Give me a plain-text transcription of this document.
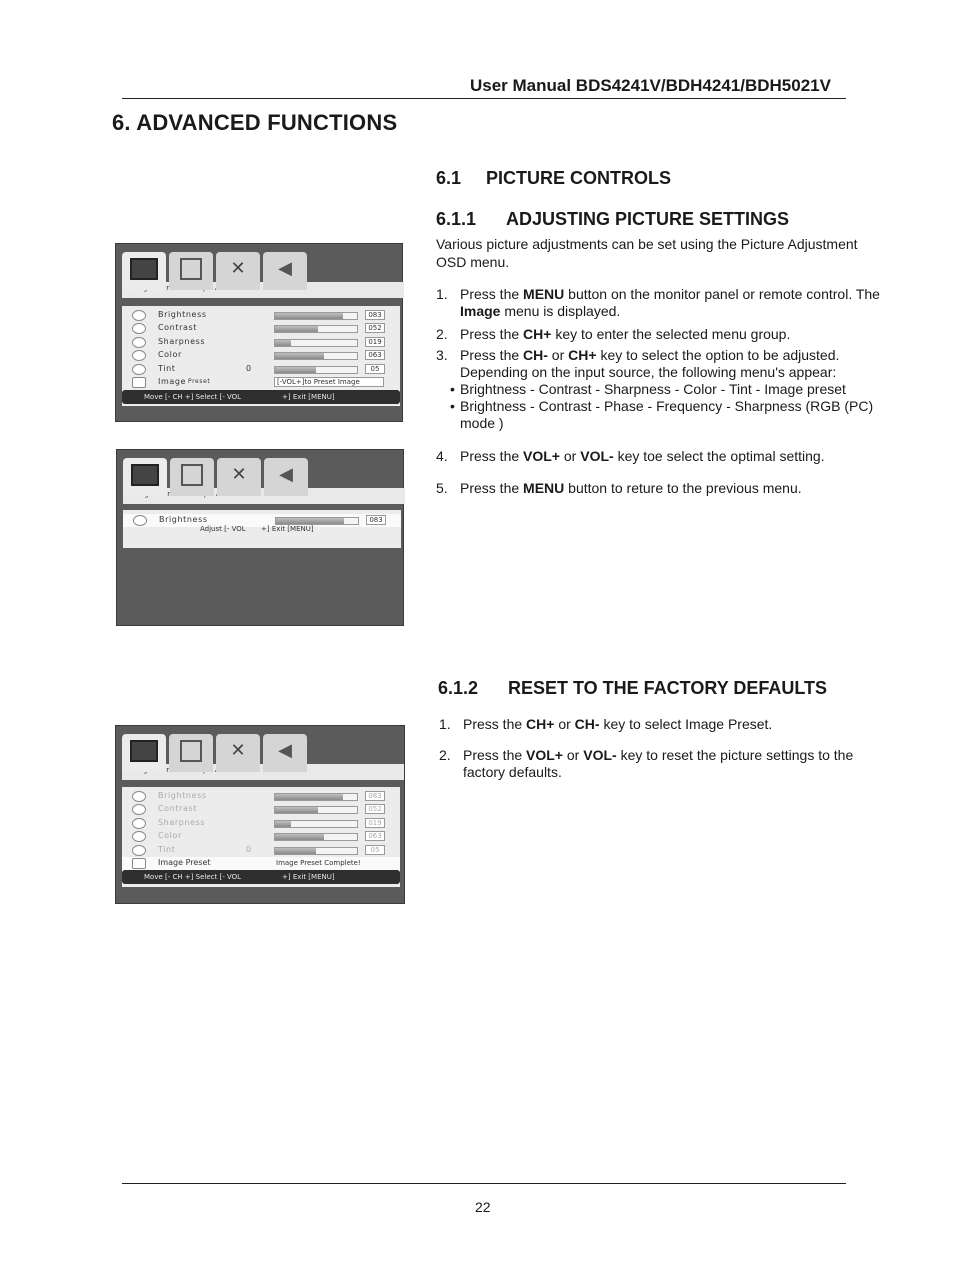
User Manual BDS4241V/BDH4241/BDH5021V
6. ADVANCED FUNCTIONS
6.1 PICTURE CONTROLS
6.1.1 ADJUSTING PICTURE SETTINGS
Various picture adjustments can be set using the Picture Adjustment OSD menu.
1. Press the MENU button on the monitor panel or remote control. The Image menu is displayed.
2. Press the CH+ key to enter the selected menu group.
3. Press the CH- or CH+ key to select the option to be adjusted. Depending on the input source, the following menu's appear:
• Brightness - Contrast - Sharpness - Color - Tint - Image preset
• Brightness - Contrast - Phase - Frequency - Sharpness (RGB (PC) mode )
4. Press the VOL+ or VOL- key toe select the optimal setting.
5. Press the MENU button to reture to the previous menu.
6.1.2 RESET TO THE FACTORY DEFAULTS
1. Press the CH+ or CH- key to select Image Preset.
2. Press the VOL+ or VOL- key to reset the picture settings to the factory defaults.
✕	◀
Brightness	083
Contrast	052
Sharpness	019
Color	063
Tint	0	05
Image Preset	[-VOL+]to Preset Image
Move [- CH +] Select [- VOL	+] Exit [MENU]
✕	◀
Brightness	083
Adjust [- VOL +] Exit [MENU]
✕	◀
Brightness	083
Contrast	052
Sharpness	019
Color	063
Tint	0	05
Image Preset	Image Preset Complete!
Move [- CH +] Select [- VOL	+] Exit [MENU]
22
